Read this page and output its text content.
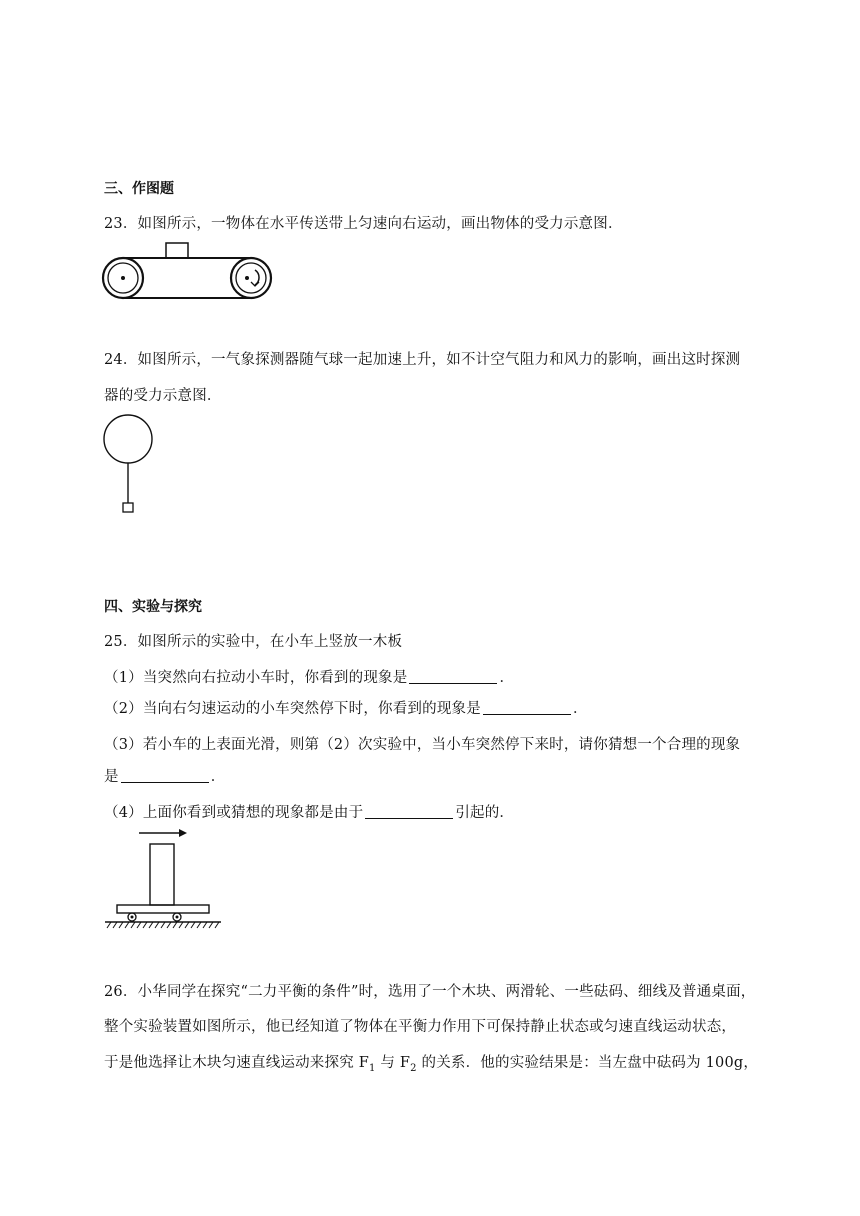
三、作图题
23．如图所示，一物体在水平传送带上匀速向右运动，画出物体的受力示意图．
24．如图所示，一气象探测器随气球一起加速上升，如不计空气阻力和风力的影响，画出这时探测
器的受力示意图．
四、实验与探究
25．如图所示的实验中，在小车上竖放一木板
（1）当突然向右拉动小车时，你看到的现象是	．
（2）当向右匀速运动的小车突然停下时，你看到的现象是	．
（3）若小车的上表面光滑，则第（2）次实验中，当小车突然停下来时，请你猜想一个合理的现象
是	．
（4）上面你看到或猜想的现象都是由于	引起的．
26．小华同学在探究“二力平衡的条件”时，选用了一个木块、两滑轮、一些砝码、细线及普通桌面，
整个实验装置如图所示，他已经知道了物体在平衡力作用下可保持静止状态或匀速直线运动状态，
于是他选择让木块匀速直线运动来探究 $F_1$ 与 $F_2$ 的关系．他的实验结果是：当左盘中砝码为 100g，
